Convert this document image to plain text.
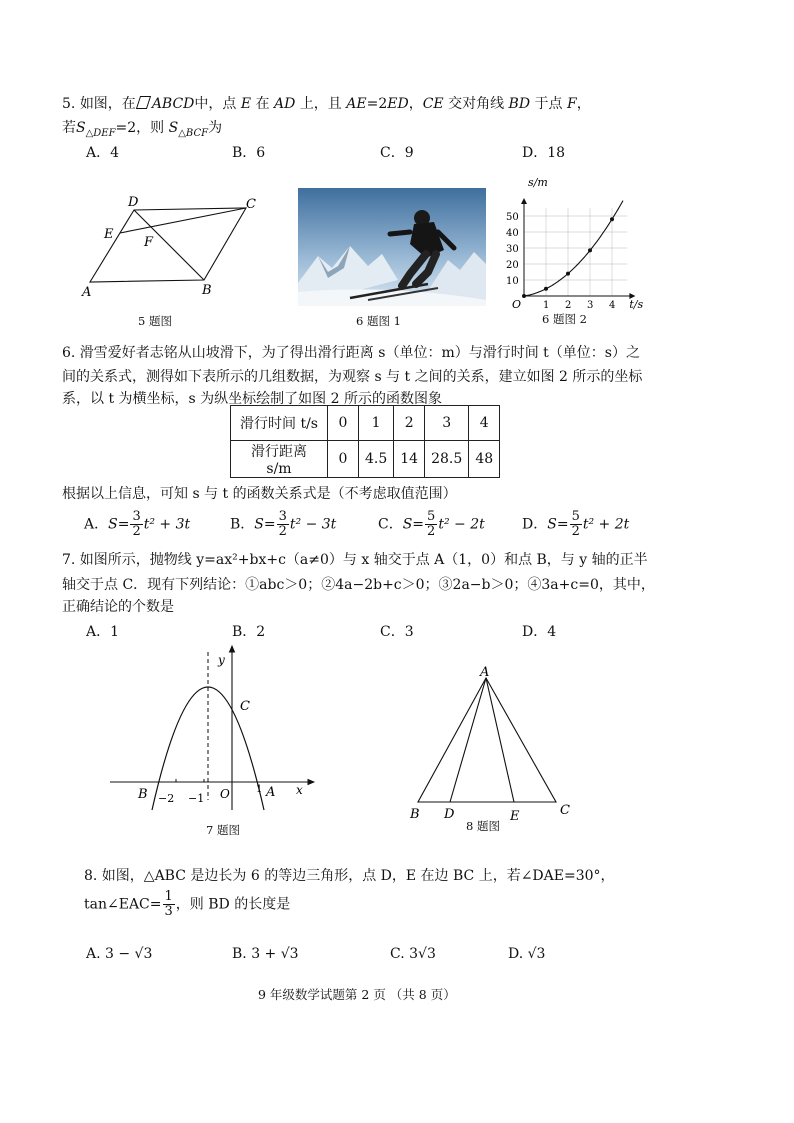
5. 如图，在 ABCD中，点 E 在 AD 上，且 AE=2ED，CE 交对角线 BD 于点 F，
若$S_{\triangle DEF}=2$，则 $S_{\triangle BCF}$为
A．4	B．6	C．9	D．18
A	B
C
D
E
F
5 题图	6 题图 1
1 2 3 4
10
20
30
40
50
O	t/s
s/m
6 题图 2
6. 滑雪爱好者志铭从山坡滑下，为了得出滑行距离 s（单位：m）与滑行时间 t（单位：s）之
间的关系式，测得如下表所示的几组数据，为观察 s 与 t 之间的关系，建立如图 2 所示的坐标
系，以 t 为横坐标，s 为纵坐标绘制了如图 2 所示的函数图象
滑行时间 t/s	0	1	2	3	4
滑行距离 s/m	0	4.5	14	28.5	48
根据以上信息，可知 s 与 t 的函数关系式是（不考虑取值范围）
A．$S= \frac{3}{2} t^2 + 3t$	B．$S= \frac{3}{2} t^2 - 3t$	C．$S= \frac{5}{2} t^2 - 2t$	D．$S= \frac{5}{2} t^2 + 2t$
7. 如图所示，抛物线 y=ax²+bx+c（a≠0）与 x 轴交于点 A（1，0）和点 B，与 y 轴的正半
轴交于点 C．现有下列结论：①abc＞0；②4a−2b+c＞0；③2a−b＞0；④3a+c=0，其中，
正确结论的个数是
A．1	B．2	C．3	D．4
y
x
C
B	A
O
−2 −1
1
7 题图
A
B	C
D	E
8 题图
8. 如图，△ABC 是边长为 6 的等边三角形，点 D，E 在边 BC 上，若∠DAE=30°，
tan∠EAC= $\frac{1}{3}$ ，则 BD 的长度是
A. 3 − √3	B. 3 + √3	C. 3√3	D. √3
9 年级数学试题第 2 页 （共 8 页）
